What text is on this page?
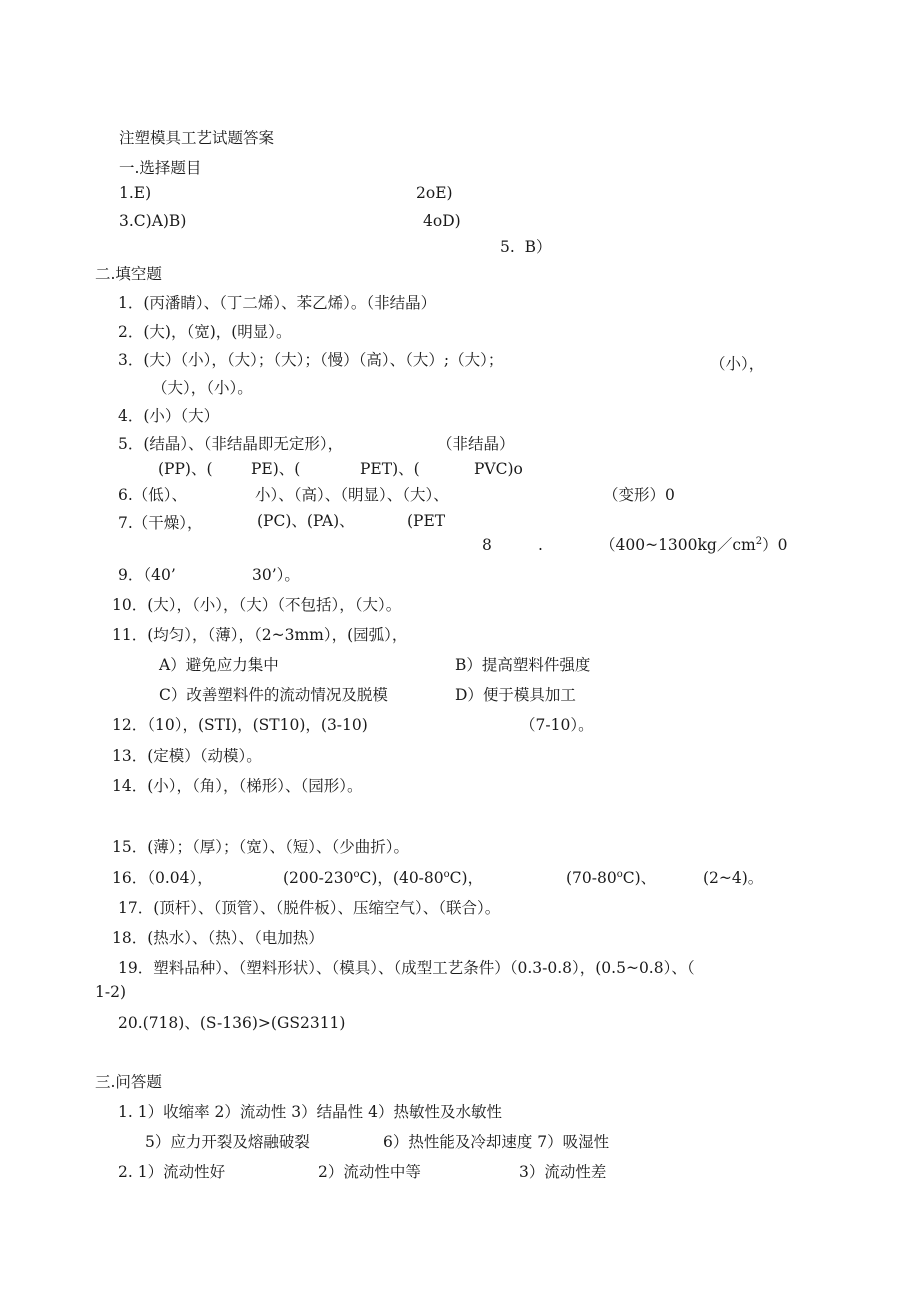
注塑模具工艺试题答案
一.选择题目
1.E)	2oE)
3.C)A)B)	4oD)
5.  B）
二.填空题
1．(丙潘睛）、（丁二烯）、苯乙烯）。（非结晶）
2．(大)，（宽)，(明显）。
3．(大）（小），（大）；（大）；（慢）（高）、（大）;（大）；	（小），
（大），（小）。
4．(小）（大）
5．(结晶）、（非结晶即无定形），	（非结晶）
(PP)、( PE)、(	PET)、(	PVC)o
6.（低）、	小）、（高）、（明显）、（大）、	（变形）0
7.（干燥），	(PC)、(PA)、	(PET
8	.	$(400\sim 1300kg/cm^2)0$
9．（40’	30’）。
10．(大），（小），（大）（不包括），（大）。
11．(均匀），（薄），（2~3mm），(园弧），
A）避免应力集中	B）提高塑料件强度
C）改善塑料件的流动情况及脱模	D）便于模具加工
12．（10），(STI)，(ST10)，(3-10)	（7-10）。
13．(定模）（动模）。
14．(小），（角），（梯形）、（园形）。
15．(薄）；（厚）；（宽）、（短）、（少曲折）。
16．（0.04），	(200-230$^o$C)，(40-80$^o$C)，	(70-80$^o$C)、	(2~4)。
17．(顶杆）、（顶管）、（脱件板）、压缩空气）、（联合）。
18．(热水）、（热）、（电加热）
19．塑料品种）、（塑料形状）、（模具）、（成型工艺条件）（0.3-0.8），(0.5~0.8）、（
1-2)
20.(718)、(S-136)>(GS2311)
三.问答题
1. 1）收缩率 2）流动性 3）结晶性 4）热敏性及水敏性
5）应力开裂及熔融破裂	6）热性能及冷却速度 7）吸湿性
2. 1）流动性好	2）流动性中等	3）流动性差
